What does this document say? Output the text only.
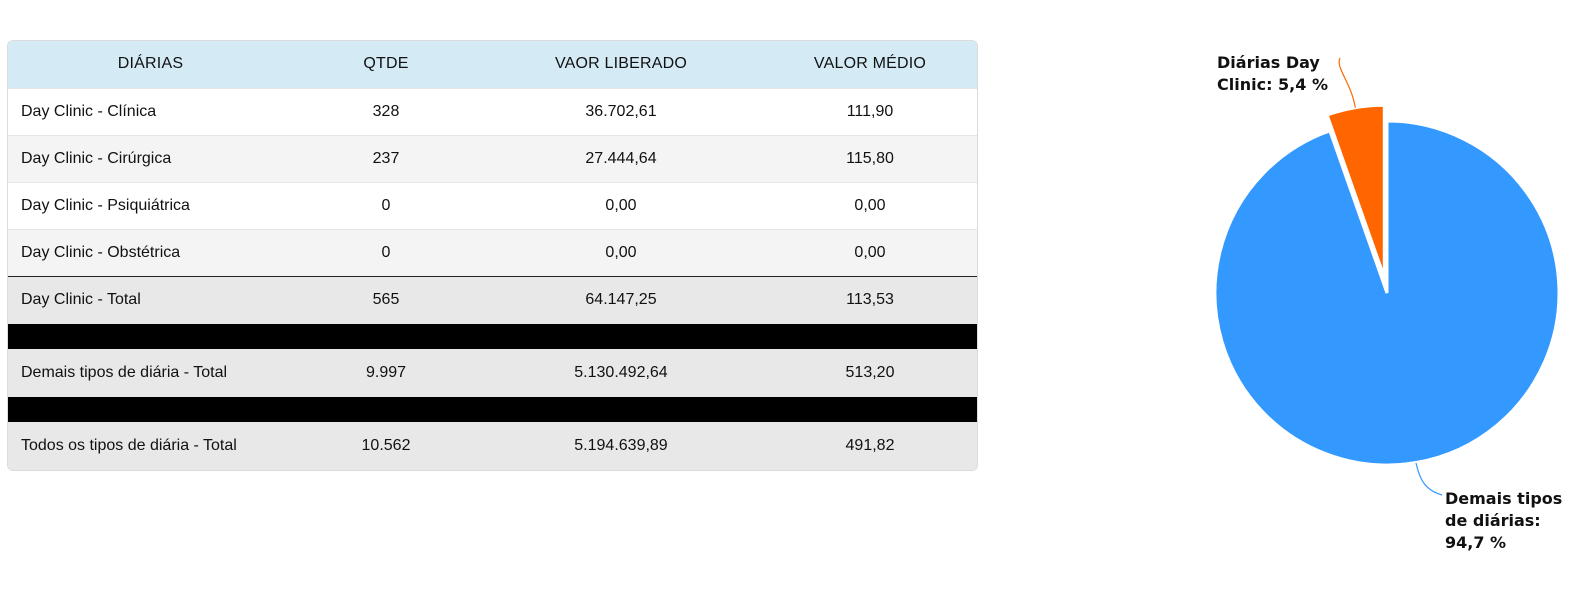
DIÁRIAS	QTDE	VAOR LIBERADO	VALOR MÉDIO
Day Clinic - Clínica	328	36.702,61	111,90
Day Clinic - Cirúrgica	237	27.444,64	115,80
Day Clinic - Psiquiátrica	0	0,00	0,00
Day Clinic - Obstétrica	0	0,00	0,00
Day Clinic - Total	565	64.147,25	113,53

Demais tipos de diária - Total	9.997	5.130.492,64	513,20

Todos os tipos de diária - Total	10.562	5.194.639,89	491,82
Diárias Day Clinic: 5,4 %
Demais tipos de diárias: 94,7 %
